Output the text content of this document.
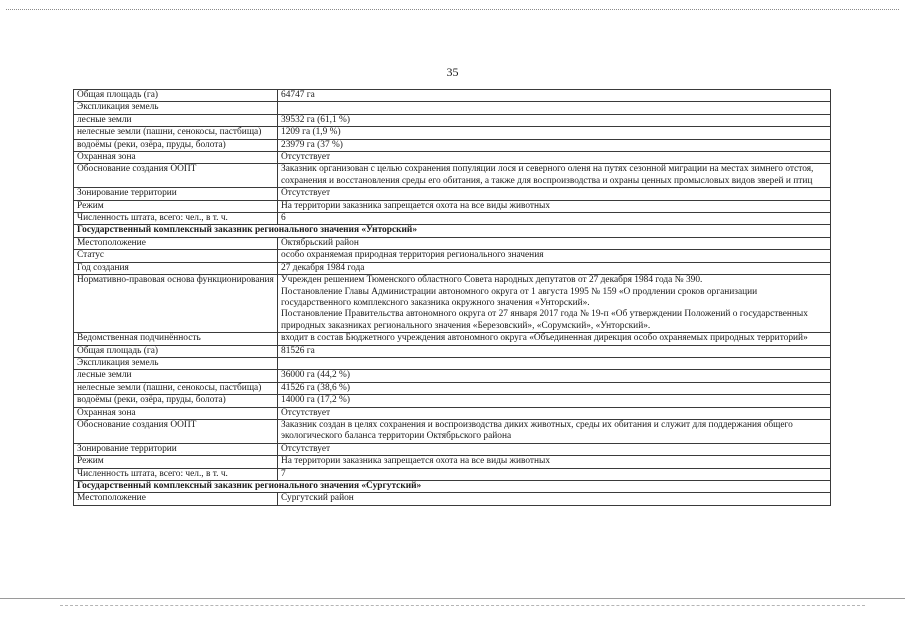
35
Общая площадь (га)	64747 га
Экспликация земель	
лесные земли	39532 га (61,1 %)
нелесные земли (пашни, сенокосы, пастбища)	1209 га (1,9 %)
водоёмы (реки, озёра, пруды, болота)	23979 га (37 %)
Охранная зона	Отсутствует
Обоснование создания ООПТ	Заказник организован с целью сохранения популяции лося и северного оленя на путях сезонной миграции на местах зимнего отстоя, сохранения и восстановления среды его обитания, а также для воспроизводства и охраны ценных промысловых видов зверей и птиц
Зонирование территории	Отсутствует
Режим	На территории заказника запрещается охота на все виды животных
Численность штата, всего: чел., в т. ч.	6
Государственный комплексный заказник регионального значения «Унторский»	
Местоположение	Октябрьский район
Статус	особо охраняемая природная территория регионального значения
Год создания	27 декабря 1984 года
Нормативно-правовая основа функционирования	Учрежден решением Тюменского областного Совета народных депутатов от 27 декабря 1984 года № 390.
Постановление Главы Администрации автономного округа от 1 августа 1995 № 159 «О продлении сроков организации государственного комплексного заказника окружного значения «Унторский».
Постановление Правительства автономного округа от 27 января 2017 года № 19-п «Об утверждении Положений о государственных природных заказниках регионального значения «Березовский», «Сорумский», «Унторский».
Ведомственная подчинённость	входит в состав Бюджетного учреждения автономного округа «Объединенная дирекция особо охраняемых природных территорий»
Общая площадь (га)	81526 га
Экспликация земель	
лесные земли	36000 га (44,2 %)
нелесные земли (пашни, сенокосы, пастбища)	41526 га (38,6 %)
водоёмы (реки, озёра, пруды, болота)	14000 га (17,2 %)
Охранная зона	Отсутствует
Обоснование создания ООПТ	Заказник создан в целях сохранения и воспроизводства диких животных, среды их обитания и служит для поддержания общего экологического баланса территории Октябрьского района
Зонирование территории	Отсутствует
Режим	На территории заказника запрещается охота на все виды животных
Численность штата, всего: чел., в т. ч.	7
Государственный комплексный заказник регионального значения «Сургутский»	
Местоположение	Сургутский район
